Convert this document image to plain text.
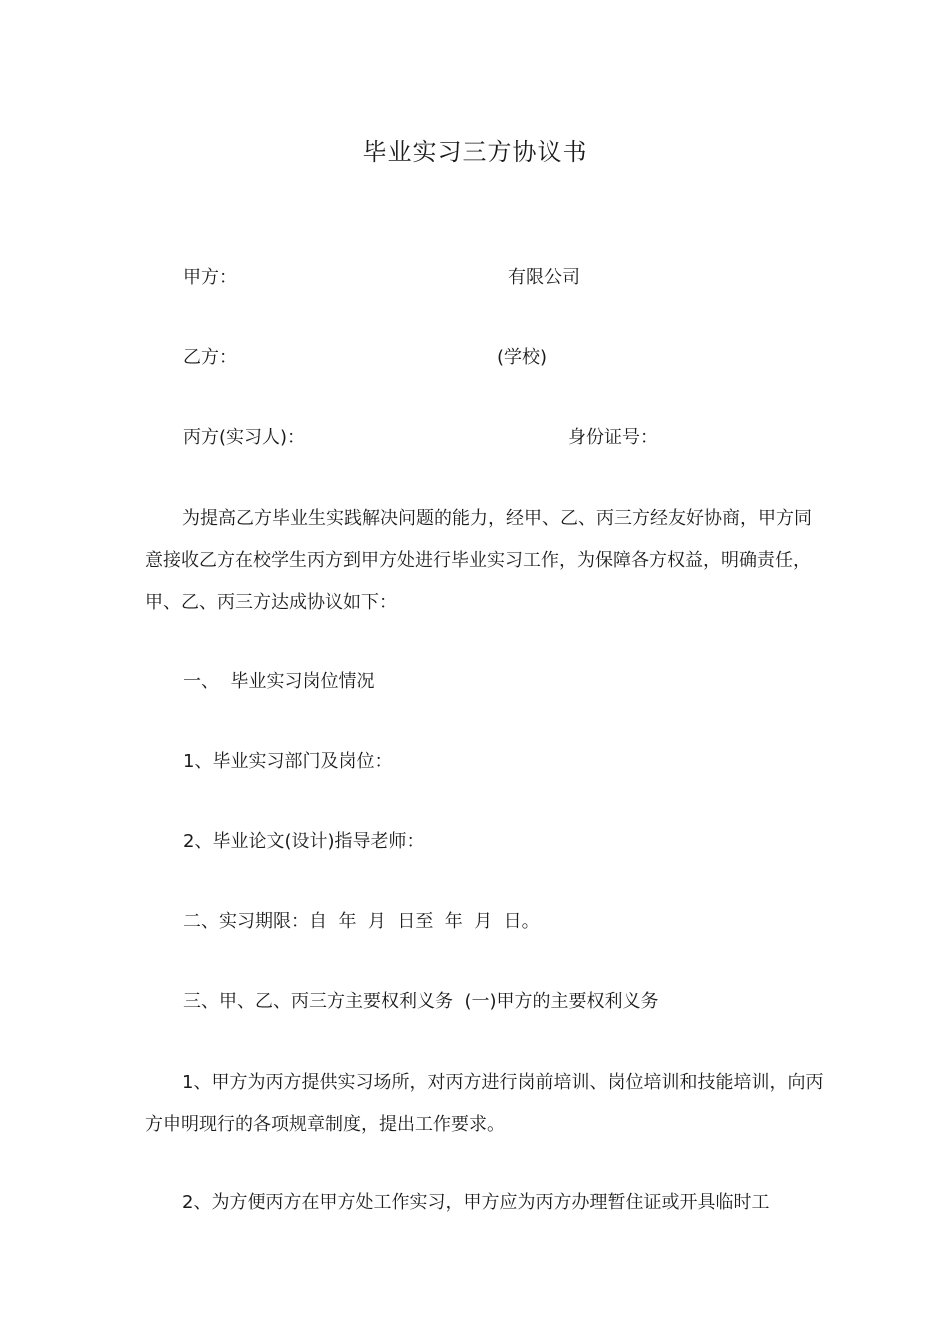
毕业实习三方协议书
甲方：	有限公司
乙方：	(学校)
丙方(实习人)：	身份证号：
为提高乙方毕业生实践解决问题的能力，经甲、乙、丙三方经友好协商，甲方同意接收乙方在校学生丙方到甲方处进行毕业实习工作，为保障各方权益，明确责任，甲、乙、丙三方达成协议如下：
一、  毕业实习岗位情况
1、毕业实习部门及岗位：
2、毕业论文(设计)指导老师：
二、实习期限：自  年  月  日至  年  月  日。
三、甲、乙、丙三方主要权利义务  (一)甲方的主要权利义务
1、甲方为丙方提供实习场所，对丙方进行岗前培训、岗位培训和技能培训，向丙方申明现行的各项规章制度，提出工作要求。
2、为方便丙方在甲方处工作实习，甲方应为丙方办理暂住证或开具临时工
